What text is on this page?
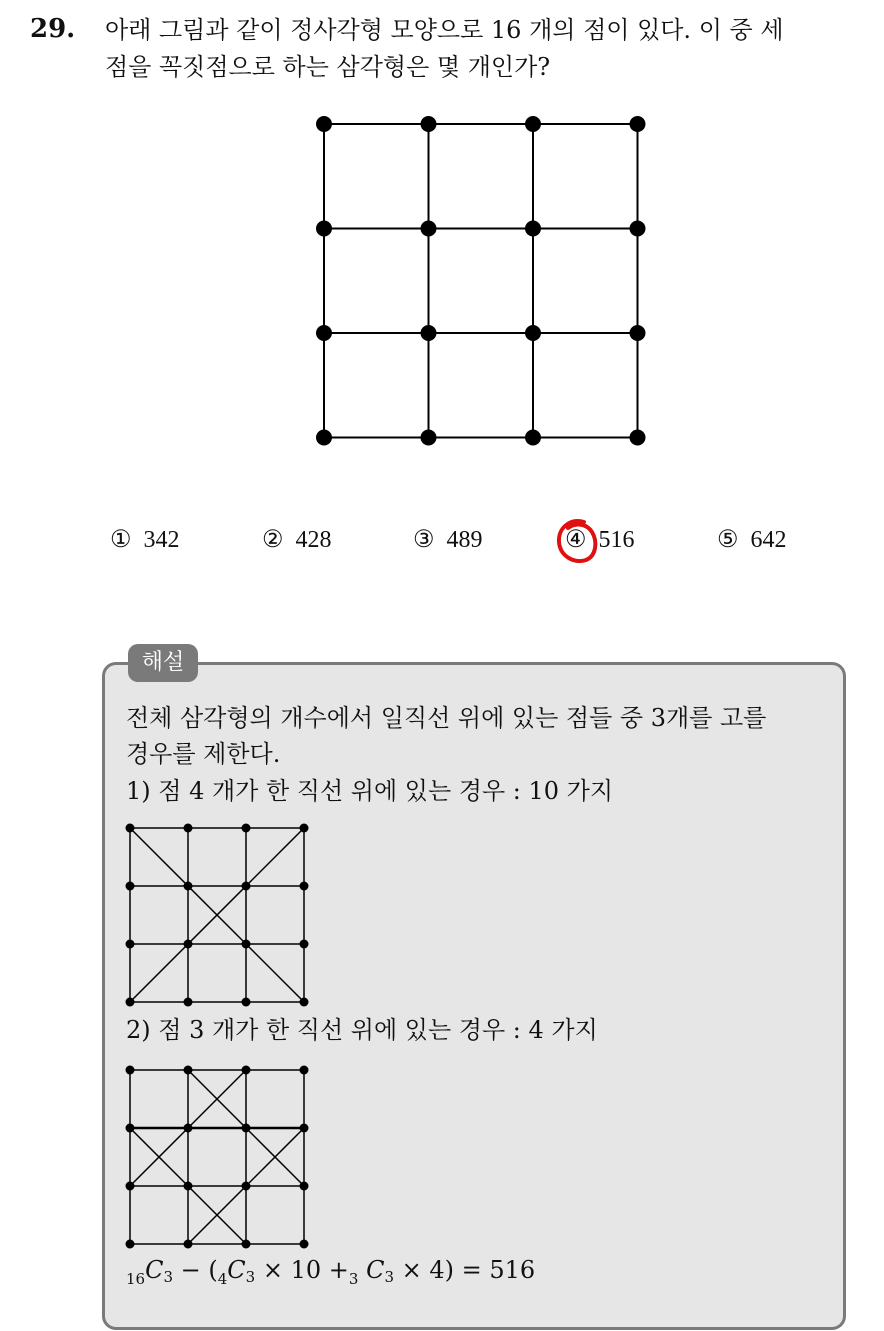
29. 아래 그림과 같이 정사각형 모양으로 16 개의 점이 있다. 이 중 세
점을 꼭짓점으로 하는 삼각형은 몇 개인가?
① 342	② 428	③ 489	④ 516	⑤ 642
해설
전체 삼각형의 개수에서 일직선 위에 있는 점들 중 3개를 고를
경우를 제한다.
1) 점 4 개가 한 직선 위에 있는 경우 : 10 가지
2) 점 3 개가 한 직선 위에 있는 경우 : 4 가지
$_{16}C_3 - (_4C_3 \times 10 +_3$ $C_3 \times 4) = 516$
